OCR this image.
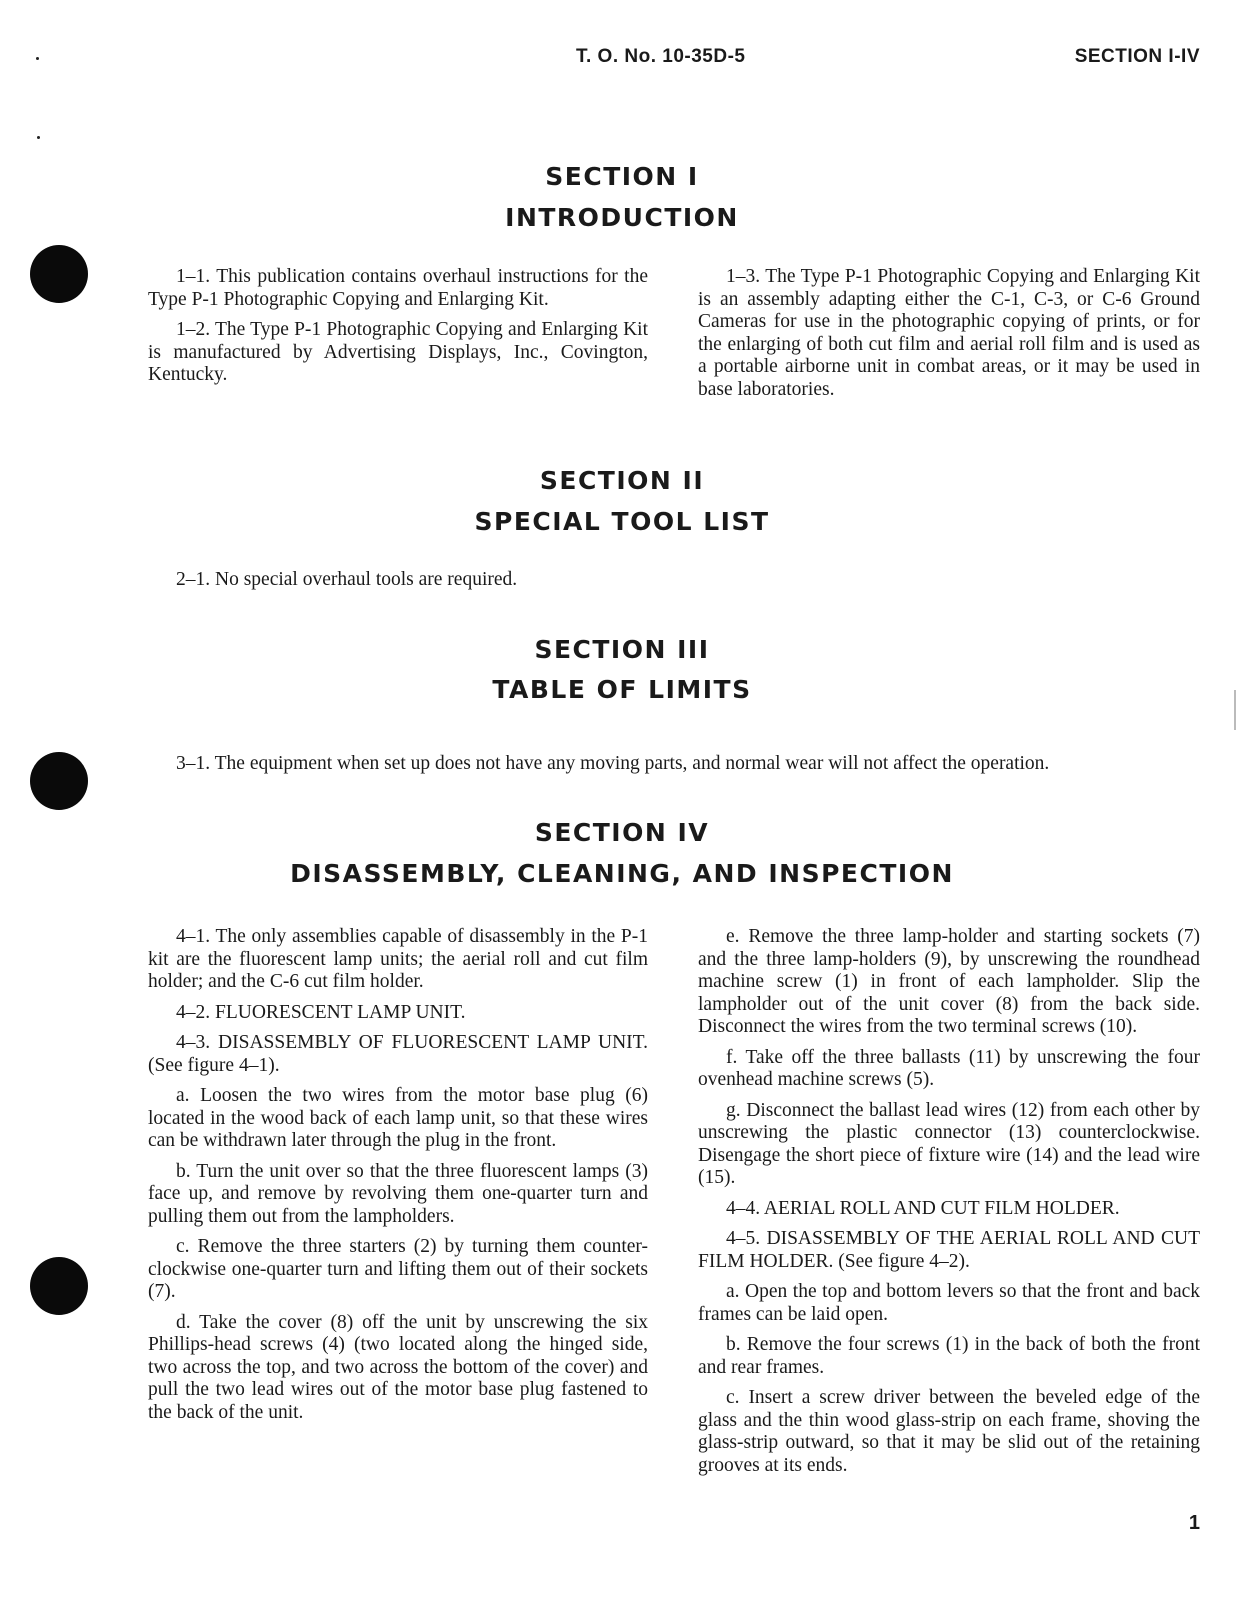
T. O. No. 10-35D-5	SECTION I-IV
SECTION I
INTRODUCTION

1–1. This publication contains overhaul instructions for the Type P-1 Photographic Copying and Enlarging Kit.

1–2. The Type P-1 Photographic Copying and Enlarging Kit is manufactured by Advertising Displays, Inc., Covington, Kentucky.

1–3. The Type P-1 Photographic Copying and Enlarging Kit is an assembly adapting either the C-1, C-3, or C-6 Ground Cameras for use in the photographic copying of prints, or for the enlarging of both cut film and aerial roll film and is used as a portable airborne unit in combat areas, or it may be used in base laboratories.

SECTION II
SPECIAL TOOL LIST
2–1. No special overhaul tools are required.
SECTION III
TABLE OF LIMITS
3–1. The equipment when set up does not have any moving parts, and normal wear will not affect the operation.
SECTION IV
DISASSEMBLY, CLEANING, AND INSPECTION

4–1. The only assemblies capable of disassembly in the P-1 kit are the fluorescent lamp units; the aerial roll and cut film holder; and the C-6 cut film holder.

4–2. FLUORESCENT LAMP UNIT.

4–3. DISASSEMBLY OF FLUORESCENT LAMP UNIT. (See figure 4–1).

a. Loosen the two wires from the motor base plug (6) located in the wood back of each lamp unit, so that these wires can be withdrawn later through the plug in the front.

b. Turn the unit over so that the three fluorescent lamps (3) face up, and remove by revolving them one-quarter turn and pulling them out from the lampholders.

c. Remove the three starters (2) by turning them counter-clockwise one-quarter turn and lifting them out of their sockets (7).

d. Take the cover (8) off the unit by unscrewing the six Phillips-head screws (4) (two located along the hinged side, two across the top, and two across the bottom of the cover) and pull the two lead wires out of the motor base plug fastened to the back of the unit.

e. Remove the three lamp-holder and starting sockets (7) and the three lamp-holders (9), by unscrewing the roundhead machine screw (1) in front of each lampholder. Slip the lampholder out of the unit cover (8) from the back side. Disconnect the wires from the two terminal screws (10).

f. Take off the three ballasts (11) by unscrewing the four ovenhead machine screws (5).

g. Disconnect the ballast lead wires (12) from each other by unscrewing the plastic connector (13) counterclockwise. Disengage the short piece of fixture wire (14) and the lead wire (15).

4–4. AERIAL ROLL AND CUT FILM HOLDER.

4–5. DISASSEMBLY OF THE AERIAL ROLL AND CUT FILM HOLDER. (See figure 4–2).

a. Open the top and bottom levers so that the front and back frames can be laid open.

b. Remove the four screws (1) in the back of both the front and rear frames.

c. Insert a screw driver between the beveled edge of the glass and the thin wood glass-strip on each frame, shoving the glass-strip outward, so that it may be slid out of the retaining grooves at its ends.

1
